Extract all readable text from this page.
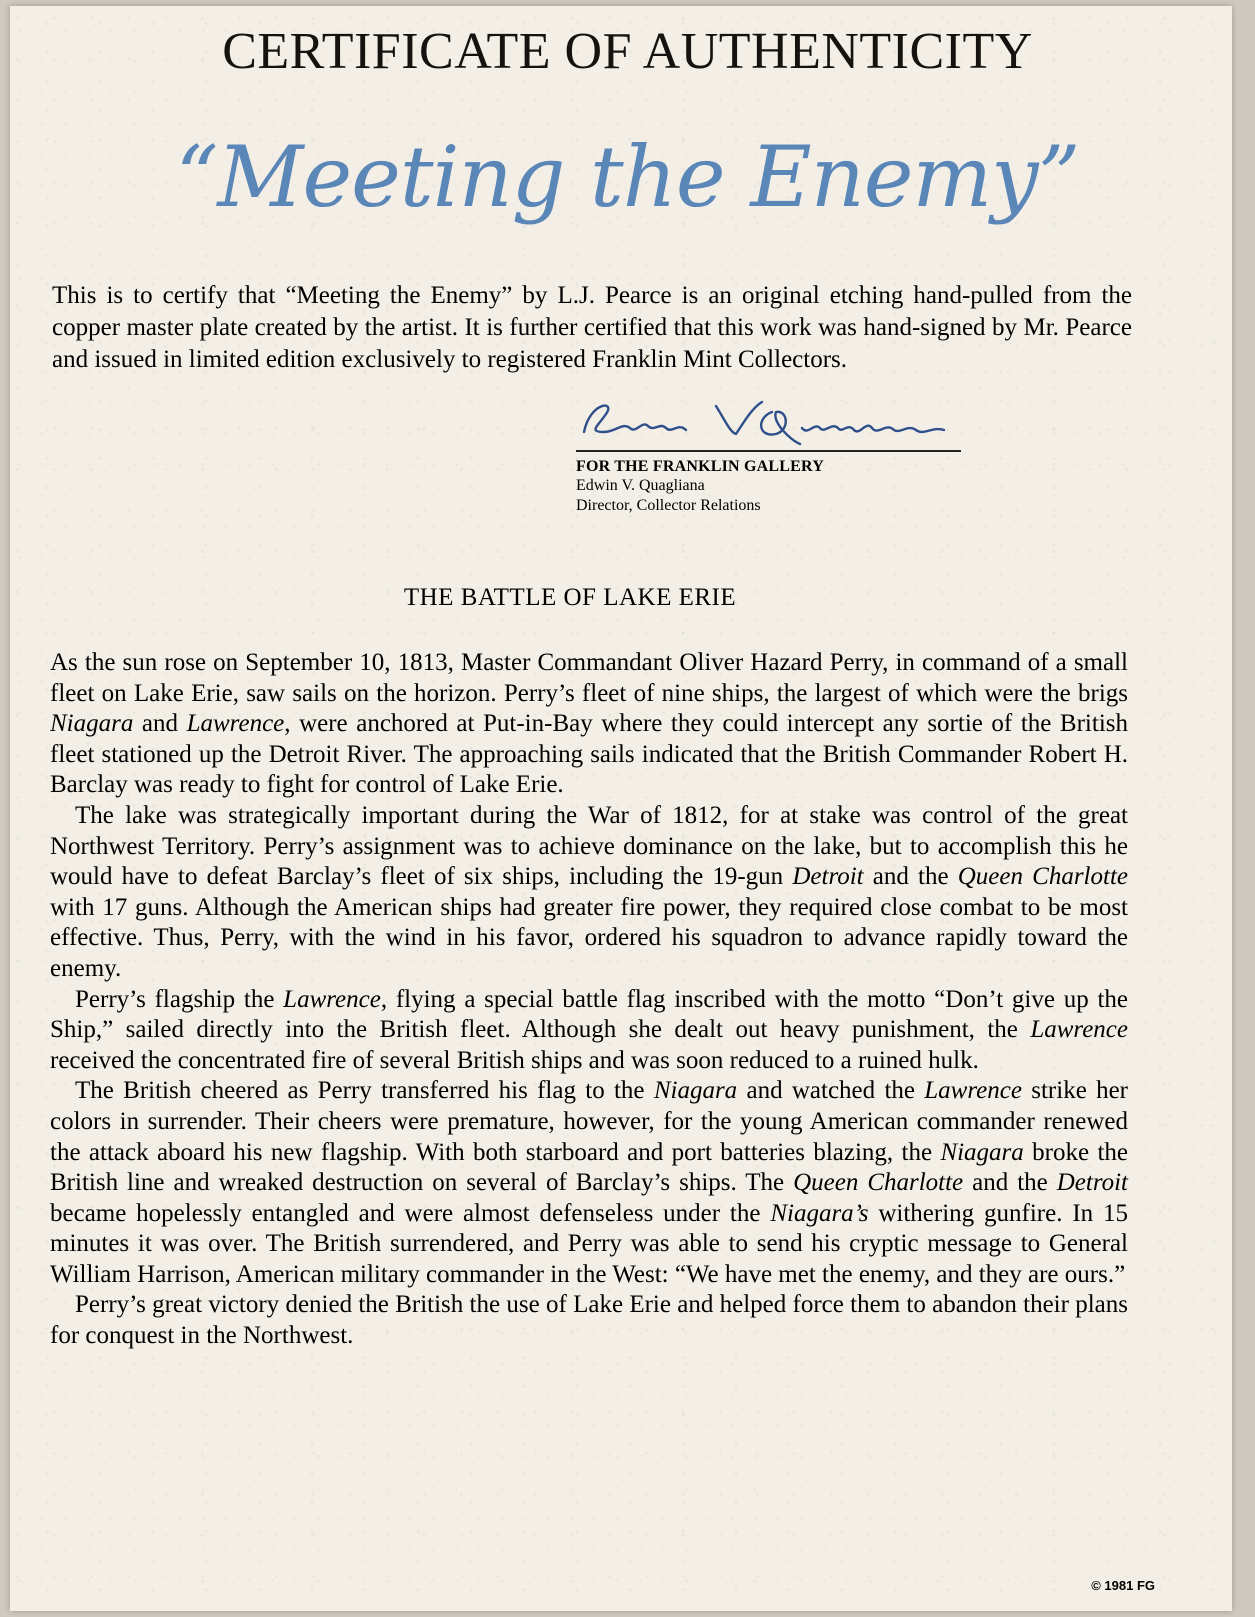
CERTIFICATE OF AUTHENTICITY
“Meeting the Enemy”
This is to certify that “Meeting the Enemy” by L.J. Pearce is an original etching hand-pulled from the copper master plate created by the artist. It is further certified that this work was hand-signed by Mr. Pearce and issued in limited edition exclusively to registered Franklin Mint Collectors.
FOR THE FRANKLIN GALLERY
Edwin V. Quagliana
Director, Collector Relations
THE BATTLE OF LAKE ERIE

As the sun rose on September 10, 1813, Master Commandant Oliver Hazard Perry, in command of a small fleet on Lake Erie, saw sails on the horizon. Perry’s fleet of nine ships, the largest of which were the brigs Niagara and Lawrence, were anchored at Put-in-Bay where they could intercept any sortie of the British fleet stationed up the Detroit River. The approaching sails indicated that the British Commander Robert H. Barclay was ready to fight for control of Lake Erie.

The lake was strategically important during the War of 1812, for at stake was control of the great Northwest Territory. Perry’s assignment was to achieve dominance on the lake, but to accomplish this he would have to defeat Barclay’s fleet of six ships, including the 19-gun Detroit and the Queen Charlotte with 17 guns. Although the American ships had greater fire power, they required close combat to be most effective. Thus, Perry, with the wind in his favor, ordered his squadron to advance rapidly toward the enemy.

Perry’s flagship the Lawrence, flying a special battle flag inscribed with the motto “Don’t give up the Ship,” sailed directly into the British fleet. Although she dealt out heavy punishment, the Lawrence received the concentrated fire of several British ships and was soon reduced to a ruined hulk.

The British cheered as Perry transferred his flag to the Niagara and watched the Lawrence strike her colors in surrender. Their cheers were premature, however, for the young American commander renewed the attack aboard his new flagship. With both starboard and port batteries blazing, the Niagara broke the British line and wreaked destruction on several of Barclay’s ships. The Queen Charlotte and the Detroit became hopelessly entangled and were almost defenseless under the Niagara’s withering gunfire. In 15 minutes it was over. The British surrendered, and Perry was able to send his cryptic message to General William Harrison, American military commander in the West: “We have met the enemy, and they are ours.”

Perry’s great victory denied the British the use of Lake Erie and helped force them to abandon their plans for conquest in the Northwest.

© 1981 FG
